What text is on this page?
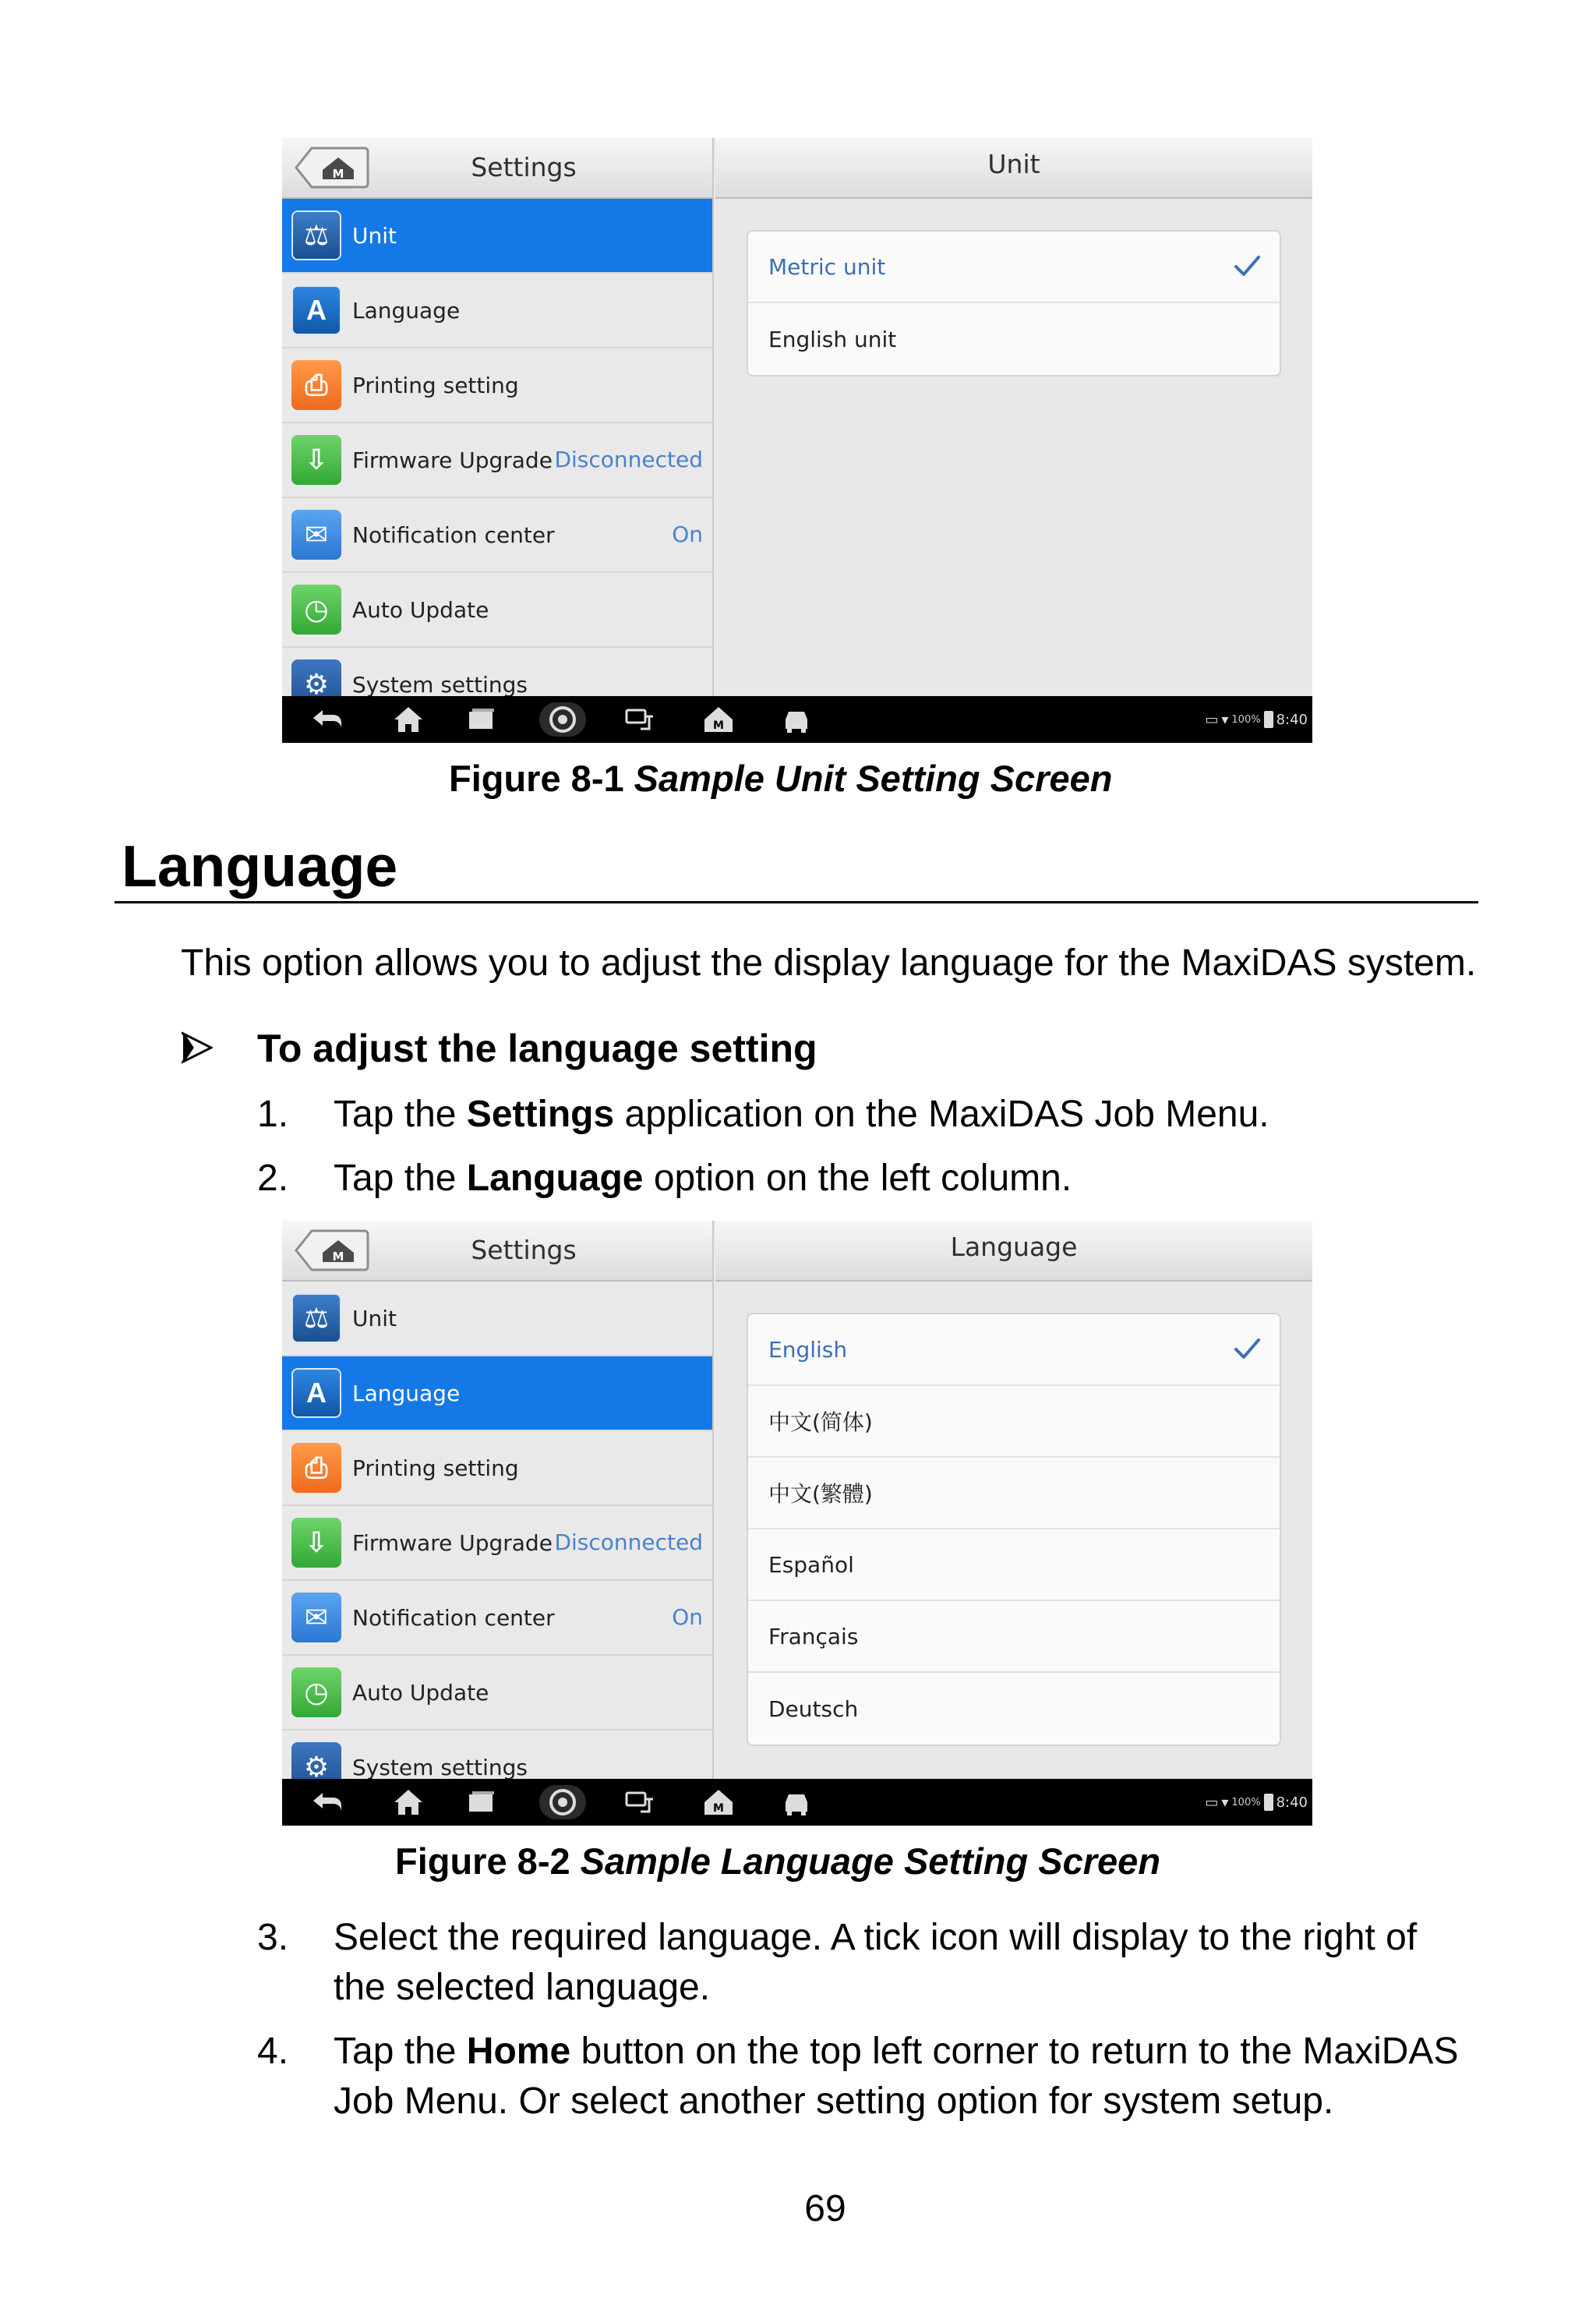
M	Settings
⚖	Unit
A	Language
⎙	Printing setting
⇩	Firmware Upgrade Disconnected
✉	Notification center	On
◷	Auto Update
⚙	System settings
Unit
Metric unit
English unit
M	▭ ▾ 100% 8:40
Figure 8-1 Sample Unit Setting Screen
Language
This option allows you to adjust the display language for the MaxiDAS system.
To adjust the language setting
1. Tap the Settings application on the MaxiDAS Job Menu.
2. Tap the Language option on the left column.
M	Settings
⚖	Unit
A	Language
⎙	Printing setting
⇩	Firmware Upgrade Disconnected
✉	Notification center	On
◷	Auto Update
⚙	System settings
Language
English
中文(简体)
中文(繁體)
Español
Français
Deutsch
M	▭ ▾ 100% 8:40
Figure 8-2 Sample Language Setting Screen
3. Select the required language. A tick icon will display to the right of
the selected language.
4. Tap the Home button on the top left corner to return to the MaxiDAS
Job Menu. Or select another setting option for system setup.
69
